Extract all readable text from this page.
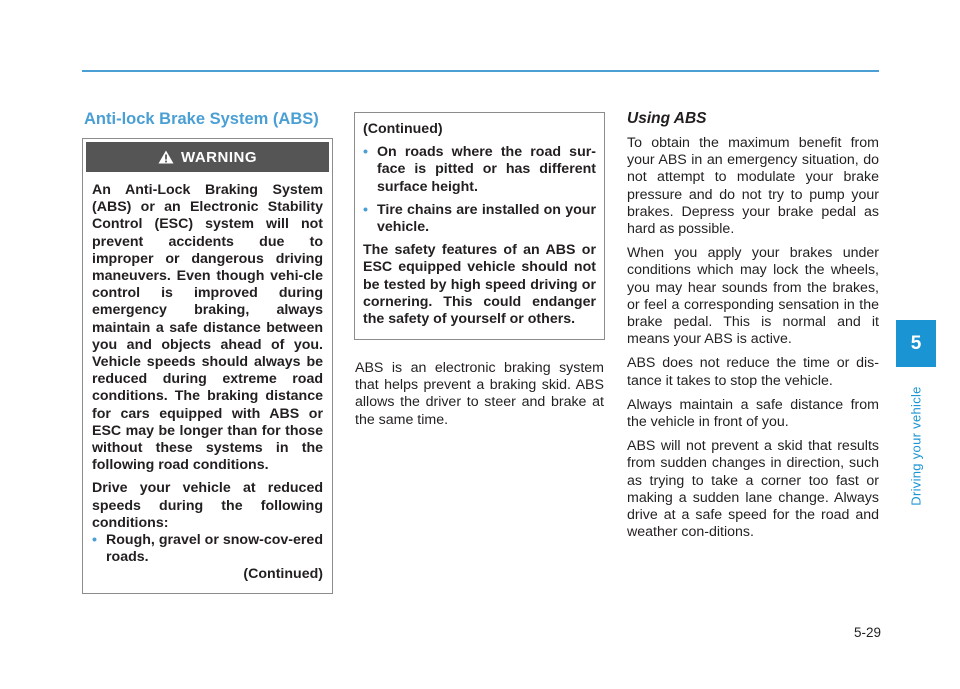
Anti-lock Brake System (ABS)
WARNING

An Anti-Lock Braking System (ABS) or an Electronic Stability Control (ESC) system will not prevent accidents due to improper or dangerous driving maneuvers. Even though vehi-cle control is improved during emergency braking, always maintain a safe distance between you and objects ahead of you. Vehicle speeds should always be reduced during extreme road conditions. The braking distance for cars equipped with ABS or ESC may be longer than for those without these systems in the following road conditions.

Drive your vehicle at reduced speeds during the following conditions:

• Rough, gravel or snow-cov-ered roads.

(Continued)

(Continued)

• On roads where the road sur-face is pitted or has different surface height.
• Tire chains are installed on your vehicle.

The safety features of an ABS or ESC equipped vehicle should not be tested by high speed driving or cornering. This could endanger the safety of yourself or others.

ABS is an electronic braking system that helps prevent a braking skid. ABS allows the driver to steer and brake at the same time.

Using ABS

To obtain the maximum benefit from your ABS in an emergency situation, do not attempt to modulate your brake pressure and do not try to pump your brakes. Depress your brake pedal as hard as possible.

When you apply your brakes under conditions which may lock the wheels, you may hear sounds from the brakes, or feel a corresponding sensation in the brake pedal. This is normal and it means your ABS is active.

ABS does not reduce the time or dis-tance it takes to stop the vehicle.

Always maintain a safe distance from the vehicle in front of you.

ABS will not prevent a skid that results from sudden changes in direction, such as trying to take a corner too fast or making a sudden lane change. Always drive at a safe speed for the road and weather con-ditions.

5
Driving your vehicle
5-29
